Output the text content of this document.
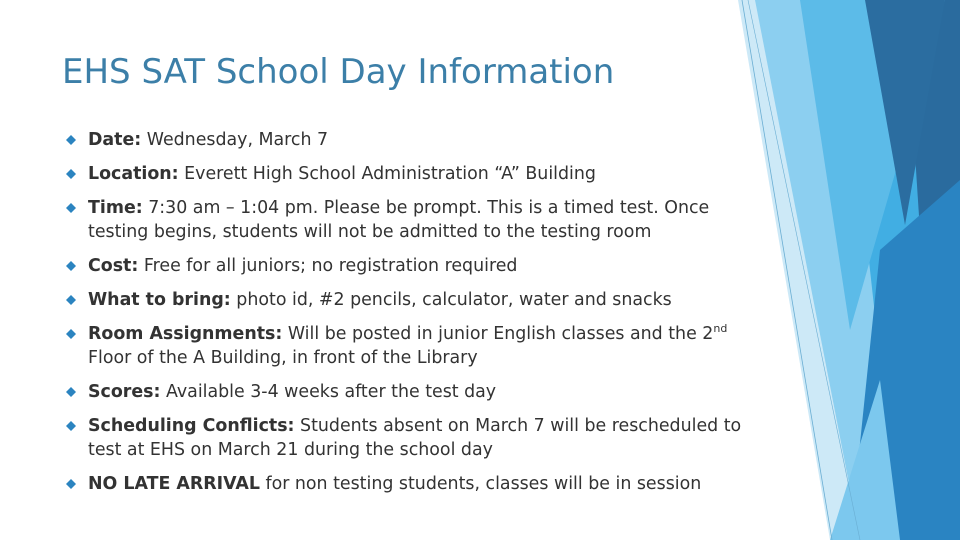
EHS SAT School Day Information
Date: Wednesday, March 7
Location: Everett High School Administration “A” Building
Time: 7:30 am – 1:04 pm. Please be prompt. This is a timed test. Once testing begins, students will not be admitted to the testing room
Cost: Free for all juniors; no registration required
What to bring: photo id, #2 pencils, calculator, water and snacks
Room Assignments: Will be posted in junior English classes and the 2nd Floor of the A Building, in front of the Library
Scores: Available 3-4 weeks after the test day
Scheduling Conflicts: Students absent on March 7 will be rescheduled to test at EHS on March 21 during the school day
NO LATE ARRIVAL for non testing students, classes will be in session
